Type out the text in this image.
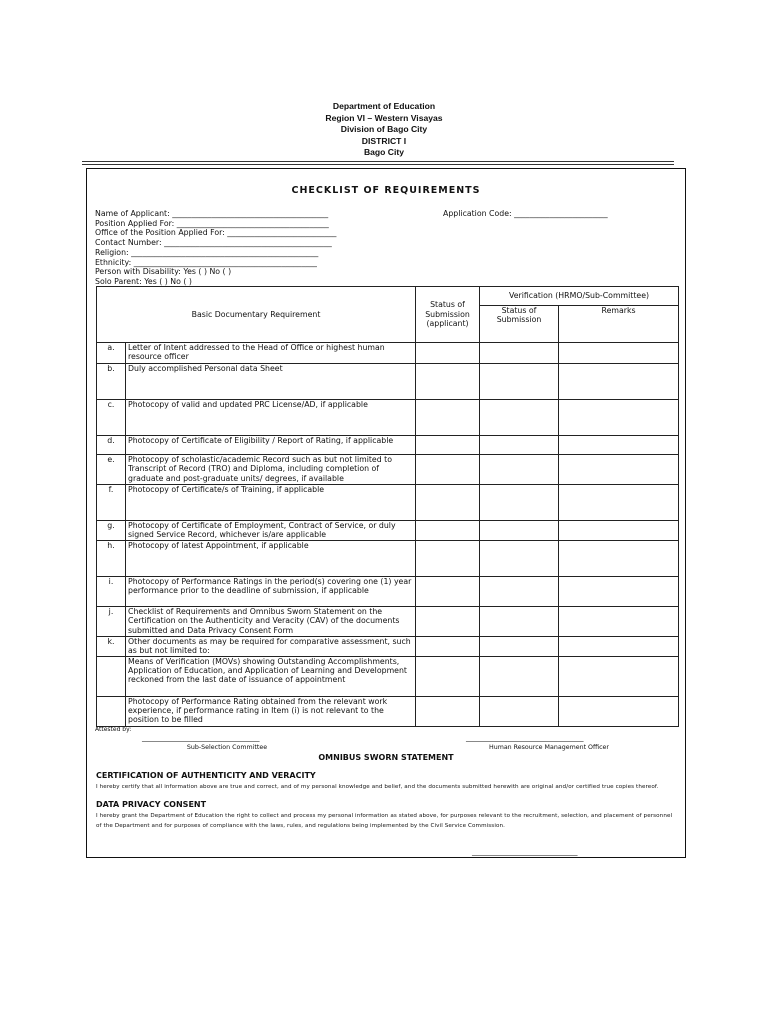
Department of Education
Region VI – Western Visayas
Division of Bago City
DISTRICT I
Bago City
CHECKLIST OF REQUIREMENTS
Name of Applicant: ________________________________________
Position Applied For: _______________________________________
Office of the Position Applied For: ____________________________
Contact Number: ___________________________________________
Religion: ________________________________________________
Ethnicity: _______________________________________________
Person with Disability: Yes ( ) No ( )
Solo Parent: Yes ( ) No ( )
Application Code: ________________________
Basic Documentary Requirement		Status of Submission (applicant)	Verification (HRMO/Sub-Committee)	
			Status of Submission	Remarks
a.	Letter of Intent addressed to the Head of Office or highest human resource officer			
b.	Duly accomplished Personal data Sheet			
c.	Photocopy of valid and updated PRC License/AD, if applicable			
d.	Photocopy of Certificate of Eligibility / Report of Rating, if applicable			
e.	Photocopy of scholastic/academic Record such as but not limited to Transcript of Record (TRO) and Diploma, including completion of graduate and post-graduate units/ degrees, if available			
f.	Photocopy of Certificate/s of Training, if applicable			
g.	Photocopy of Certificate of Employment, Contract of Service, or duly signed Service Record, whichever is/are applicable			
h.	Photocopy of latest Appointment, if applicable			
i.	Photocopy of Performance Ratings in the period(s) covering one (1) year performance prior to the deadline of submission, if applicable			
j.	Checklist of Requirements and Omnibus Sworn Statement on the Certification on the Authenticity and Veracity (CAV) of the documents submitted and Data Privacy Consent Form			
k.	Other documents as may be required for comparative assessment, such as but not limited to:			
	Means of Verification (MOVs) showing Outstanding Accomplishments, Application of Education, and Application of Learning and Development reckoned from the last date of issuance of appointment			
	Photocopy of Performance Rating obtained from the relevant work experience, if performance rating in Item (i) is not relevant to the position to be filled			
Attested by:
_______________________________________
Sub-Selection Committee
_______________________________________
Human Resource Management Officer
OMNIBUS SWORN STATEMENT
CERTIFICATION OF AUTHENTICITY AND VERACITY
I hereby certify that all information above are true and correct, and of my personal knowledge and belief, and the documents submitted herewith are original and/or certified true copies thereof.
DATA PRIVACY CONSENT
I hereby grant the Department of Education the right to collect and process my personal information as stated above, for purposes relevant to the recruitment, selection, and placement of personnel of the Department and for purposes of compliance with the laws, rules, and regulations being implemented by the Civil Service Commission.
___________________________________
